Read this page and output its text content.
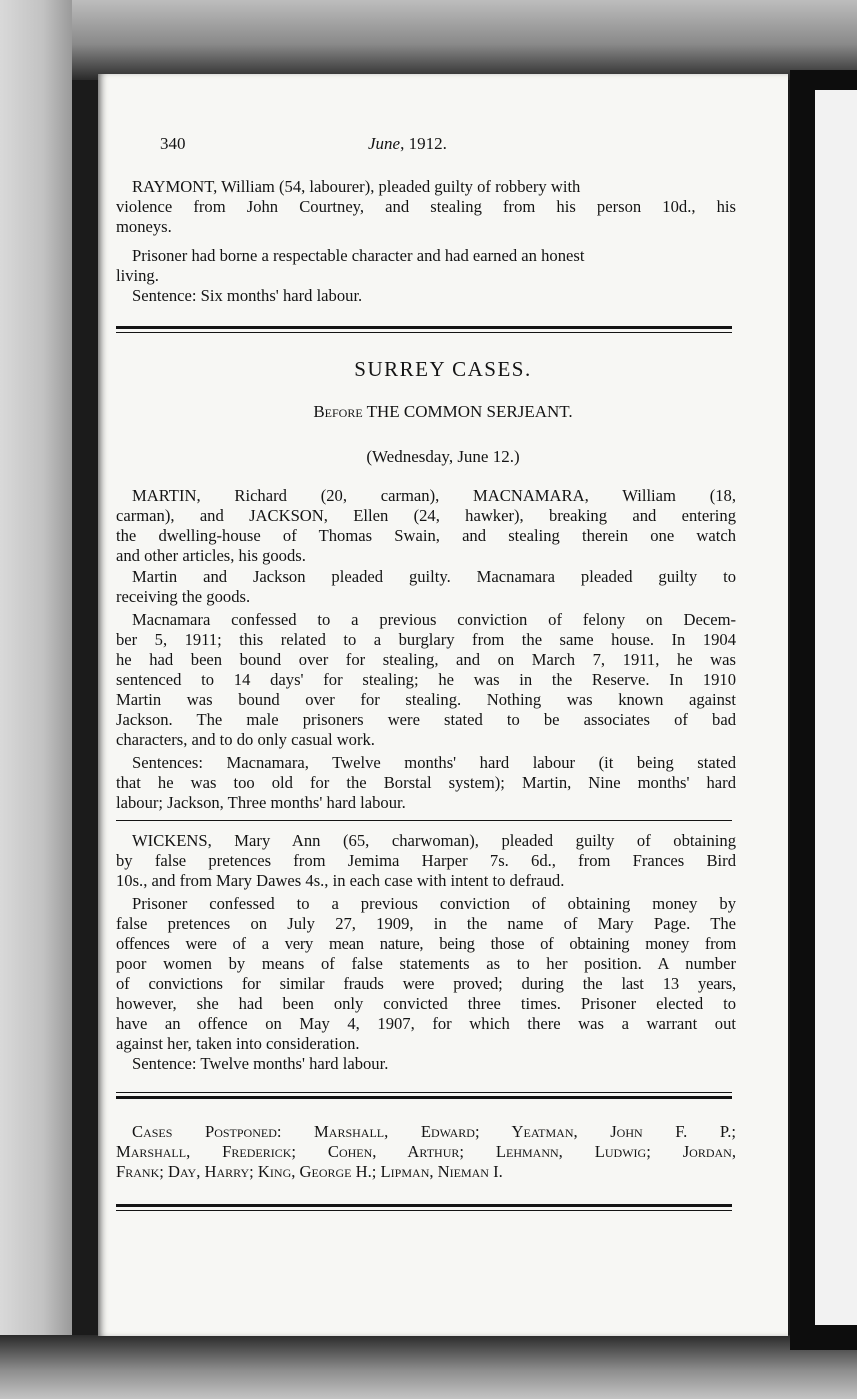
340	June, 1912.
RAYMONT, William (54, labourer), pleaded guilty of robbery with
violence from John Courtney, and stealing from his person 10d., his
moneys.
Prisoner had borne a respectable character and had earned an honest
living.
Sentence: Six months' hard labour.
SURREY CASES.
Before THE COMMON SERJEANT.
(Wednesday, June 12.)
MARTIN, Richard (20, carman), MACNAMARA, William (18,
carman), and JACKSON, Ellen (24, hawker), breaking and entering
the dwelling-house of Thomas Swain, and stealing therein one watch
and other articles, his goods.
Martin and Jackson pleaded guilty. Macnamara pleaded guilty to
receiving the goods.
Macnamara confessed to a previous conviction of felony on Decem-
ber 5, 1911; this related to a burglary from the same house. In 1904
he had been bound over for stealing, and on March 7, 1911, he was
sentenced to 14 days' for stealing; he was in the Reserve. In 1910
Martin was bound over for stealing. Nothing was known against
Jackson. The male prisoners were stated to be associates of bad
characters, and to do only casual work.
Sentences: Macnamara, Twelve months' hard labour (it being stated
that he was too old for the Borstal system); Martin, Nine months' hard
labour; Jackson, Three months' hard labour.
WICKENS, Mary Ann (65, charwoman), pleaded guilty of obtaining
by false pretences from Jemima Harper 7s. 6d., from Frances Bird
10s., and from Mary Dawes 4s., in each case with intent to defraud.
Prisoner confessed to a previous conviction of obtaining money by
false pretences on July 27, 1909, in the name of Mary Page. The
offences were of a very mean nature, being those of obtaining money from
poor women by means of false statements as to her position. A number
of convictions for similar frauds were proved; during the last 13 years,
however, she had been only convicted three times. Prisoner elected to
have an offence on May 4, 1907, for which there was a warrant out
against her, taken into consideration.
Sentence: Twelve months' hard labour.
Cases Postponed: Marshall, Edward; Yeatman, John F. P.;
Marshall, Frederick; Cohen, Arthur; Lehmann, Ludwig; Jordan,
Frank; Day, Harry; King, George H.; Lipman, Nieman I.
